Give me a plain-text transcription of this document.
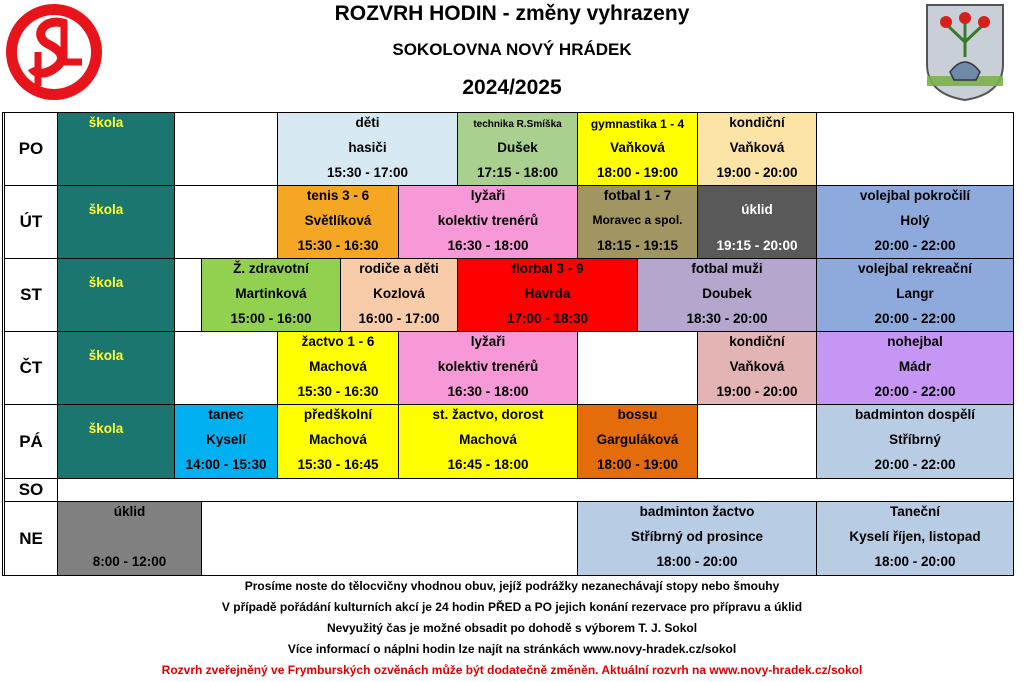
ROZVRH HODIN - změny vyhrazeny
SOKOLOVNA NOVÝ HRÁDEK
2024/2025
PO
ÚT
ST
ČT
PÁ
SO
NE
škola	děti
hasiči
15:30 - 17:00
technika R.Smíška
Dušek
17:15 - 18:00
gymnastika 1 - 4
Vaňková
18:00 - 19:00
kondiční
Vaňková
19:00 - 20:00
škola
tenis 3 - 6
Světlíková
15:30 - 16:30
lyžaři
kolektiv trenérů
16:30 - 18:00
fotbal 1 - 7
Moravec a spol.
18:15 - 19:15
úklid
19:15 - 20:00
volejbal pokročilí
Holý
20:00 - 22:00
škola
Ž. zdravotní
Martinková
15:00 - 16:00
rodiče a děti
Kozlová
16:00 - 17:00
florbal 3 - 9
Havrda
17:00 - 18:30
fotbal muži
Doubek
18:30 - 20:00
volejbal rekreační
Langr
20:00 - 22:00
škola
žactvo 1 - 6
Machová
15:30 - 16:30
lyžaři
kolektiv trenérů
16:30 - 18:00
kondiční
Vaňková
19:00 - 20:00
nohejbal
Mádr
20:00 - 22:00
škola
tanec
Kyselí
14:00 - 15:30
předškolní
Machová
15:30 - 16:45
st. žactvo, dorost
Machová
16:45 - 18:00
bossu
Garguláková
18:00 - 19:00
badminton dospělí
Stříbrný
20:00 - 22:00
úklid
8:00 - 12:00
badminton žactvo
Stříbrný od prosince
18:00 - 20:00
Taneční
Kyselí říjen, listopad
18:00 - 20:00
Prosíme noste do tělocvičny vhodnou obuv, jejíž podrážky nezanechávají stopy nebo šmouhy
V případě pořádání kulturních akcí je 24 hodin PŘED a PO jejich konání rezervace pro přípravu a úklid
Nevyužitý čas je možné obsadit po dohodě s výborem T. J. Sokol
Více informací o náplni hodin lze najít na stránkách www.novy-hradek.cz/sokol
Rozvrh zveřejněný ve Frymburských ozvěnách může být dodatečně změněn. Aktuální rozvrh na www.novy-hradek.cz/sokol
